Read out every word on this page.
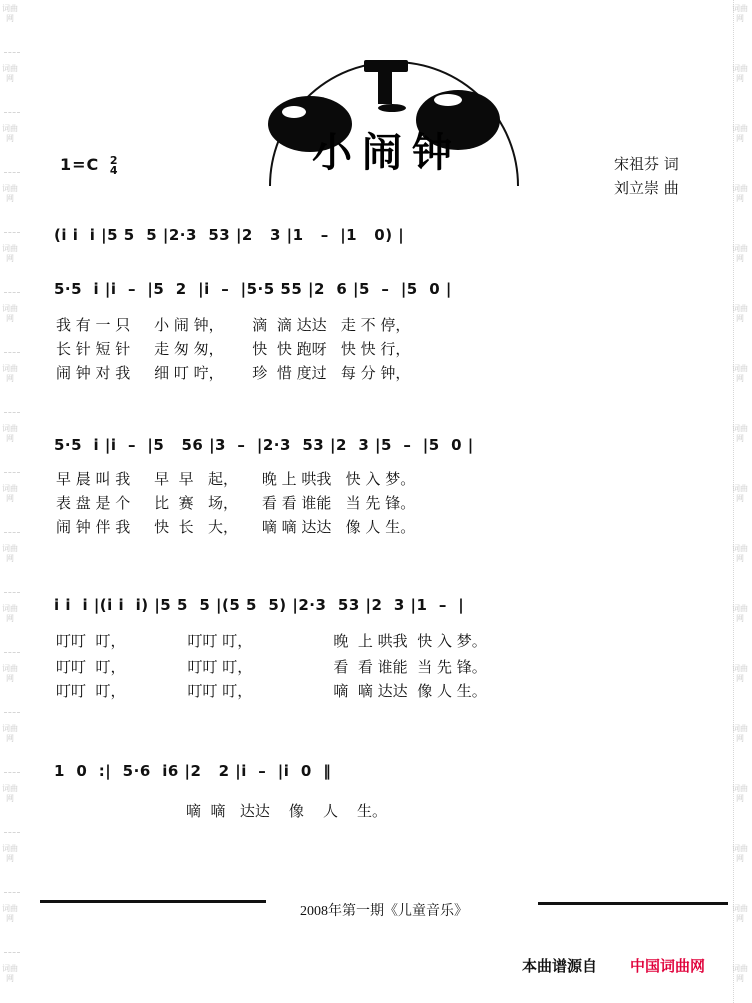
词曲网
词曲网
词曲网
词曲网
词曲网
词曲网
词曲网
词曲网
词曲网
词曲网
词曲网
词曲网
词曲网
词曲网
词曲网
词曲网
词曲网
词曲网
词曲网
词曲网
词曲网
词曲网
词曲网
词曲网
词曲网
词曲网
词曲网
词曲网
词曲网
词曲网
词曲网
词曲网
词曲网
词曲网
小闹钟
1=C 2
4	宋祖芬 词
刘立崇 曲
(i i  i |5 5  5 |2·3  53 |2   3 |1   –  |1   0) |
5·5  i |i  –  |5  2  |i  –  |5·5 55 |2  6 |5  –  |5  0 |
我 有 一 只     小 闹 钟，      滴  滴 达达   走 不 停，
长 针 短 针     走 匆 匆，      快  快 跑呀   快 快 行，
闹 钟 对 我     细 叮 咛，      珍  惜 度过   每 分 钟，
5·5  i |i  –  |5   56 |3  –  |2·3  53 |2  3 |5  –  |5  0 |
早 晨 叫 我     早  早   起，     晚 上 哄我   快 入 梦。
表 盘 是 个     比  赛   场，     看 看 谁能   当 先 锋。
闹 钟 伴 我     快  长   大，     嘀 嘀 达达   像 人 生。
i i  i |(i i  i) |5 5  5 |(5 5  5) |2·3  53 |2  3 |1  –  |
叮叮  叮，             叮叮 叮，                 晚  上 哄我  快 入 梦。
叮叮  叮，             叮叮 叮，                 看  看 谁能  当 先 锋。
叮叮  叮，             叮叮 叮，                 嘀  嘀 达达  像 人 生。
1  0  :|  5·6  i6 |2   2 |i  –  |i  0  ‖
嘀  嘀   达达    像    人    生。
2008年第一期《儿童音乐》
本曲谱源自 中国词曲网
